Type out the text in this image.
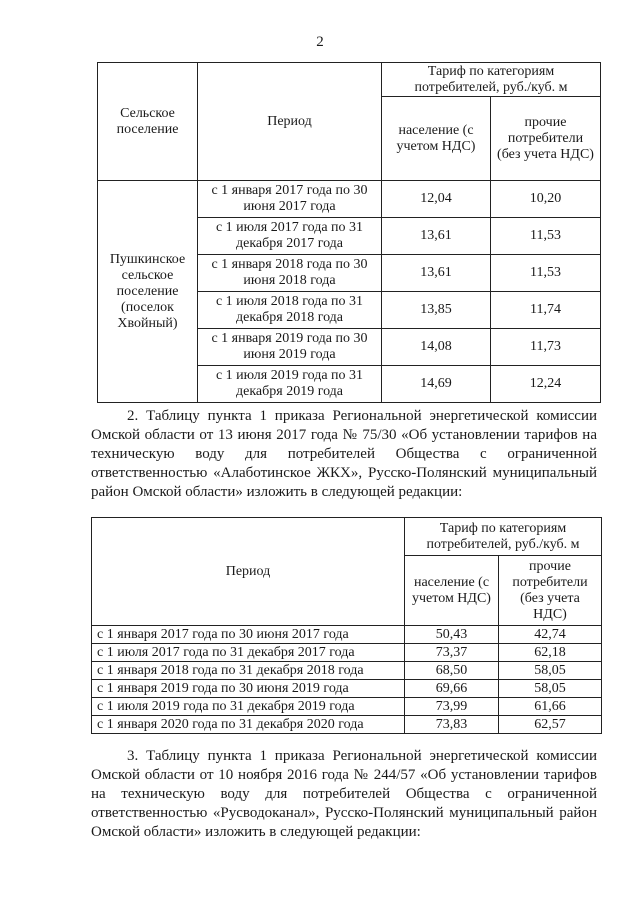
2
Сельское поселение	Период	Тариф по категориям потребителей, руб./куб. м	
		население (с учетом НДС)	прочие потребители (без учета НДС)
Пушкинское сельское поселение (поселок Хвойный)	с 1 января 2017 года по 30 июня 2017 года	12,04	10,20
	с 1 июля 2017 года по 31 декабря 2017 года	13,61	11,53
	с 1 января 2018 года по 30 июня 2018 года	13,61	11,53
	с 1 июля 2018 года по 31 декабря 2018 года	13,85	11,74
	с 1 января 2019 года по 30 июня 2019 года	14,08	11,73
	с 1 июля 2019 года по 31 декабря 2019 года	14,69	12,24

2. Таблицу пункта 1 приказа Региональной энергетической комиссии
Омской области от 13 июня 2017 года № 75/30 «Об установлении тарифов на
техническую воду для потребителей Общества с ограниченной
ответственностью «Алаботинское ЖКХ», Русско-Полянский муниципальный
район Омской области» изложить в следующей редакции:

Период	Тариф по категориям потребителей, руб./куб. м	
	население (с учетом НДС)	прочие потребители (без учета НДС)
с 1 января 2017 года по 30 июня 2017 года	50,43	42,74
с 1 июля 2017 года по 31 декабря 2017 года	73,37	62,18
с 1 января 2018 года по 31 декабря 2018 года	68,50	58,05
с 1 января 2019 года по 30 июня 2019 года	69,66	58,05
с 1 июля 2019 года по 31 декабря 2019 года	73,99	61,66
с 1 января 2020 года по 31 декабря 2020 года	73,83	62,57

3. Таблицу пункта 1 приказа Региональной энергетической комиссии
Омской области от 10 ноября 2016 года № 244/57 «Об установлении тарифов
на техническую воду для потребителей Общества с ограниченной
ответственностью «Русводоканал», Русско-Полянский муниципальный район
Омской области» изложить в следующей редакции:
